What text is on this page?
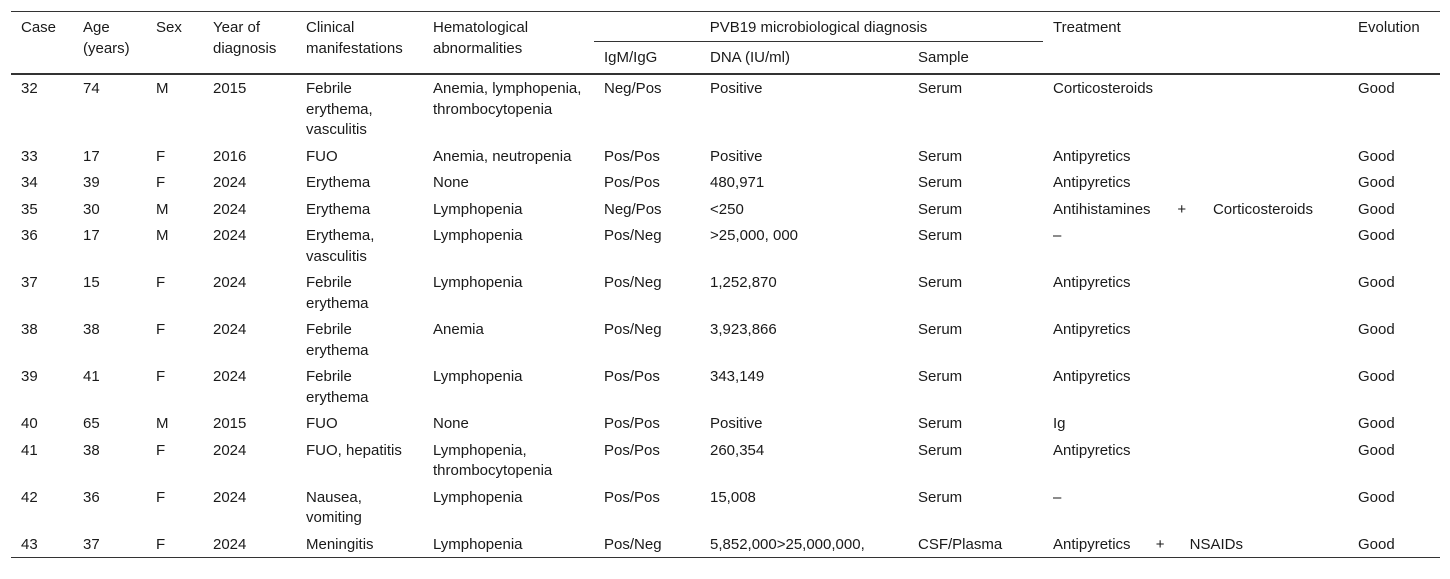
Case	Age (years)	Sex	Year of diagnosis	Clinical manifestations	Hematological abnormalities	PVB19 microbiological diagnosis			Treatment	Evolution
						IgM/IgG	DNA (IU/ml)	Sample		
32	74	M	2015	Febrile erythema, vasculitis	Anemia, lymphopenia, thrombocytopenia	Neg/Pos	Positive	Serum	Corticosteroids	Good
33	17	F	2016	FUO	Anemia, neutropenia	Pos/Pos	Positive	Serum	Antipyretics	Good
34	39	F	2024	Erythema	None	Pos/Pos	480,971	Serum	Antipyretics	Good
35	30	M	2024	Erythema	Lymphopenia	Neg/Pos	<250	Serum	Antihistamines + Corticosteroids	Good
36	17	M	2024	Erythema, vasculitis	Lymphopenia	Pos/Neg	>25,000, 000	Serum	–	Good
37	15	F	2024	Febrile erythema	Lymphopenia	Pos/Neg	1,252,870	Serum	Antipyretics	Good
38	38	F	2024	Febrile erythema	Anemia	Pos/Neg	3,923,866	Serum	Antipyretics	Good
39	41	F	2024	Febrile erythema	Lymphopenia	Pos/Pos	343,149	Serum	Antipyretics	Good
40	65	M	2015	FUO	None	Pos/Pos	Positive	Serum	Ig	Good
41	38	F	2024	FUO, hepatitis	Lymphopenia, thrombocytopenia	Pos/Pos	260,354	Serum	Antipyretics	Good
42	36	F	2024	Nausea, vomiting	Lymphopenia	Pos/Pos	15,008	Serum	–	Good
43	37	F	2024	Meningitis	Lymphopenia	Pos/Neg	5,852,000>25,000,000,	CSF/Plasma	Antipyretics + NSAIDs	Good
